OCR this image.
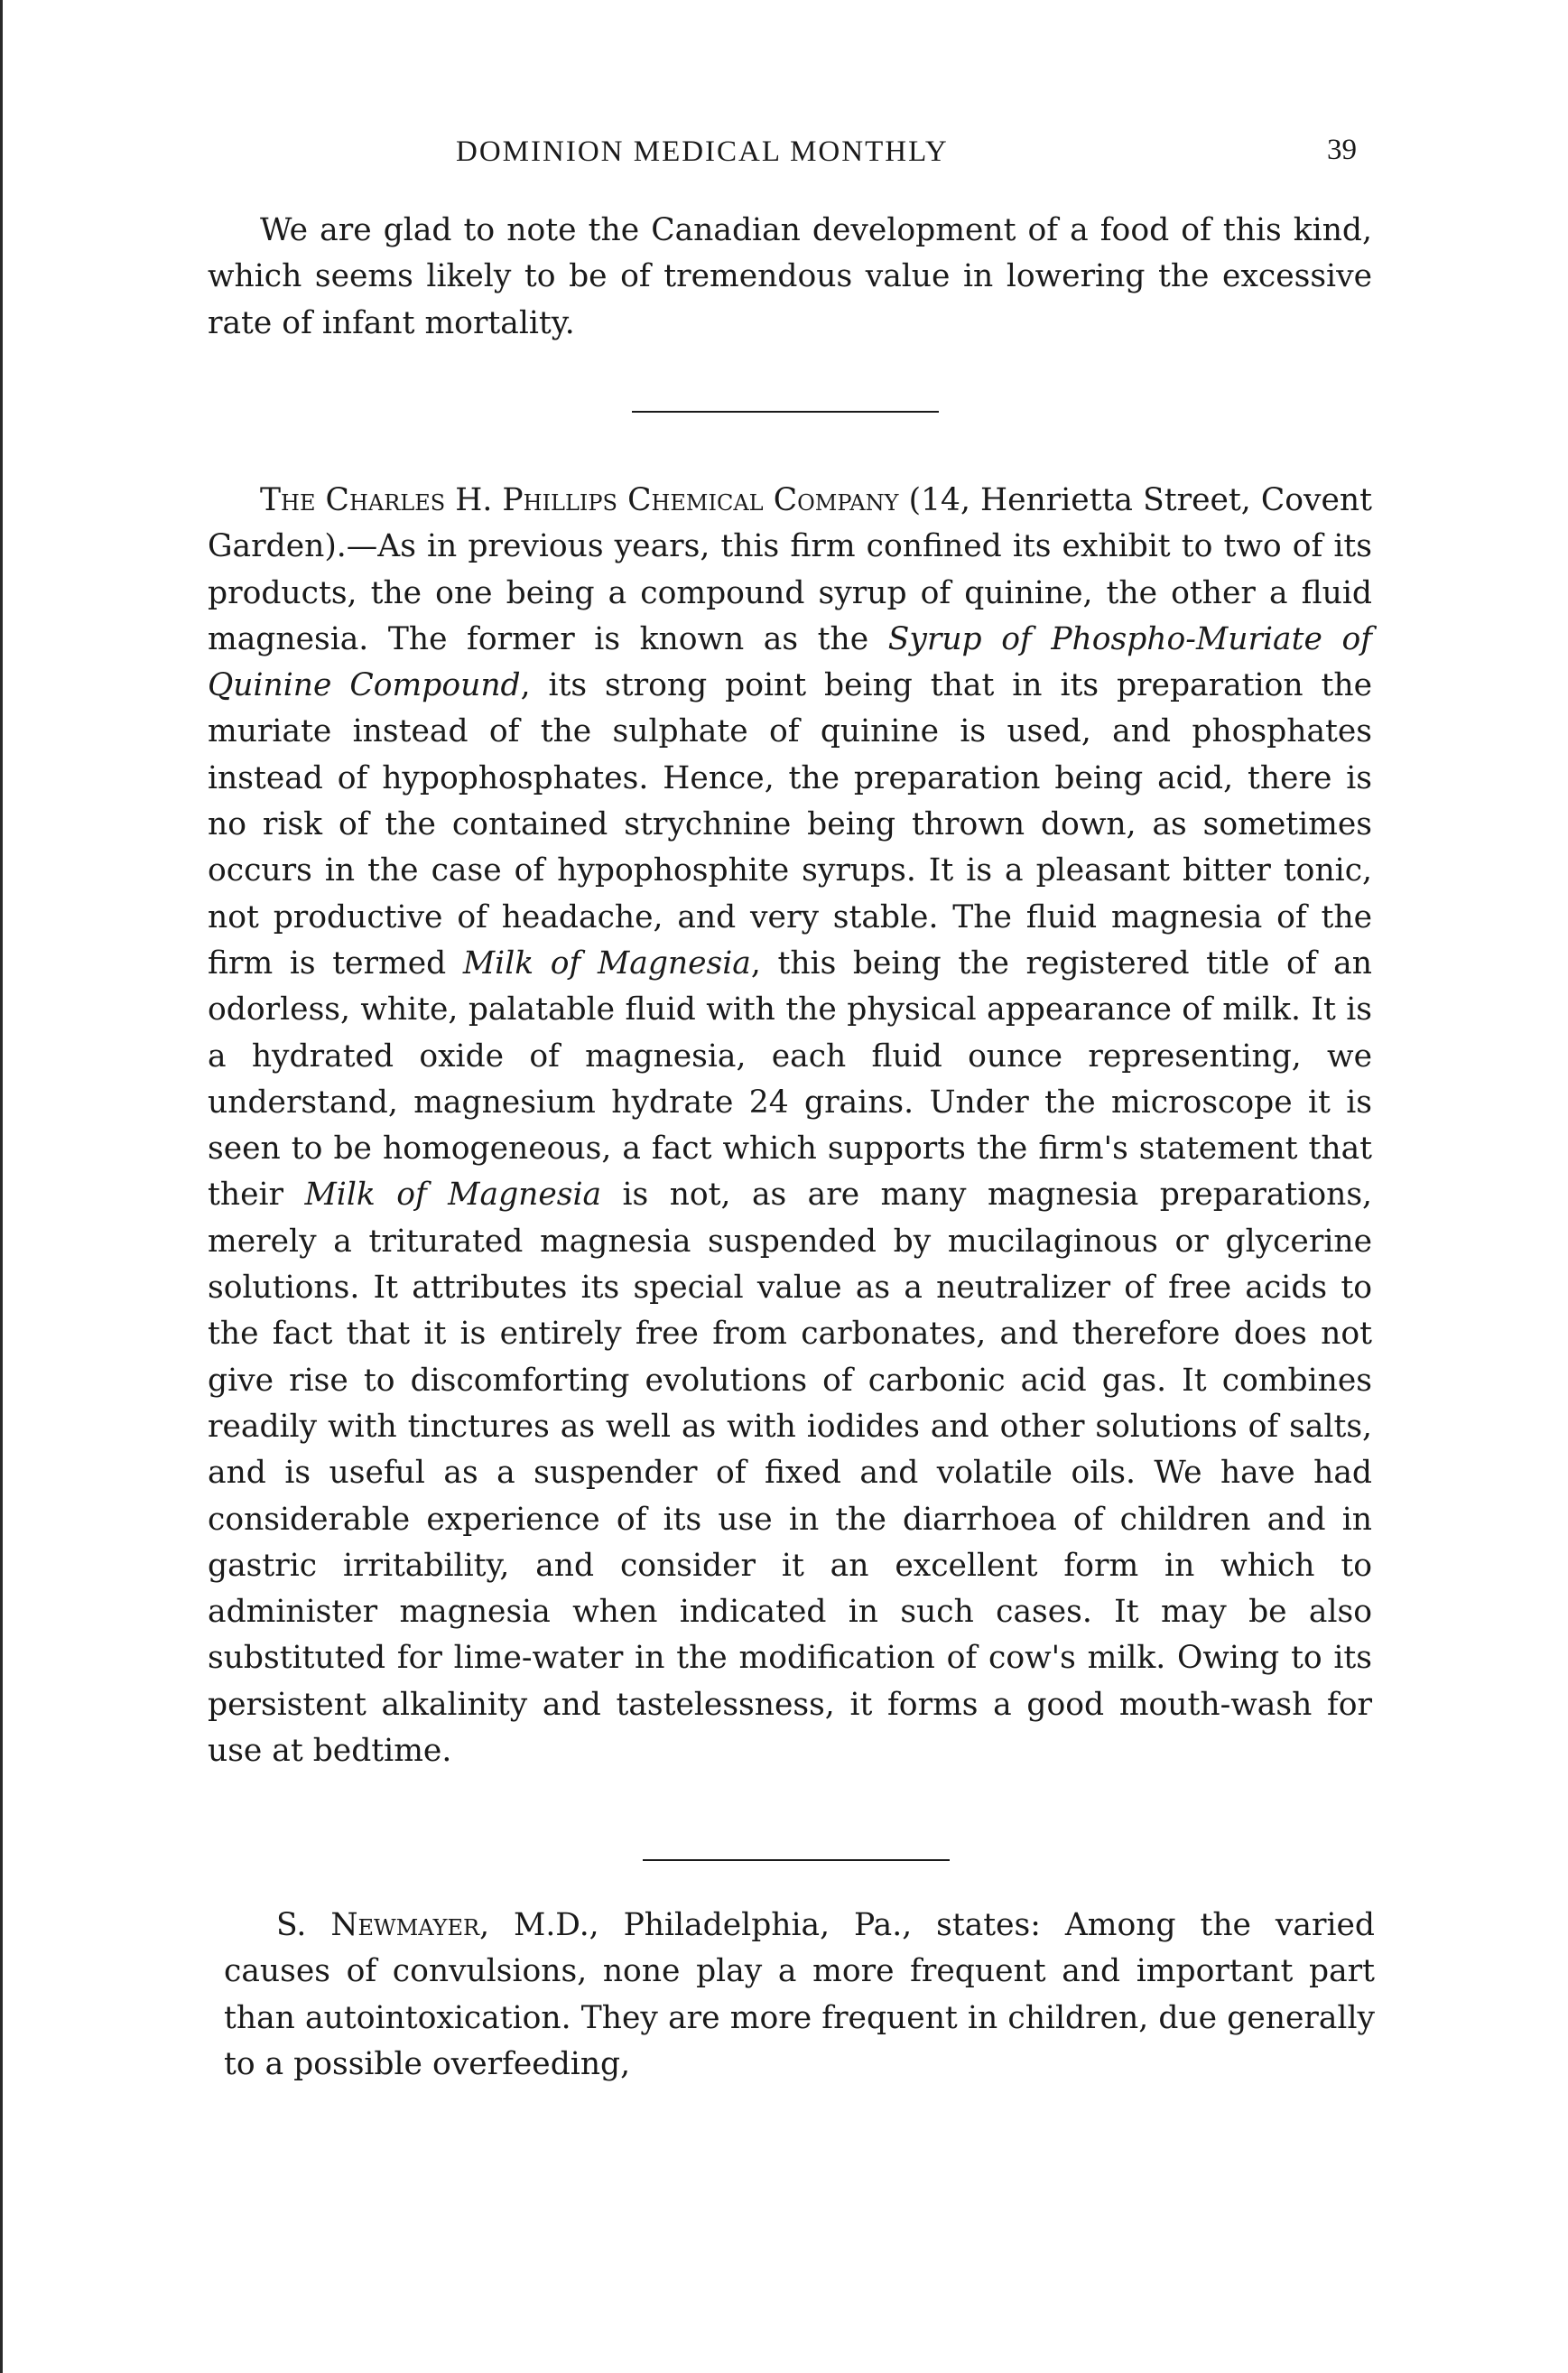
DOMINION MEDICAL MONTHLY	39

We are glad to note the Canadian development of a food of this kind, which seems likely to be of tremendous value in lowering the excessive rate of infant mortality.

The Charles H. Phillips Chemical Company (14, Henrietta Street, Covent Garden).—As in previous years, this firm confined its exhibit to two of its products, the one being a compound syrup of quinine, the other a fluid magnesia. The former is known as the Syrup of Phospho-Muriate of Quinine Compound, its strong point being that in its preparation the muriate instead of the sulphate of quinine is used, and phosphates instead of hypophosphates. Hence, the preparation being acid, there is no risk of the contained strychnine being thrown down, as sometimes occurs in the case of hypophosphite syrups. It is a pleasant bitter tonic, not productive of headache, and very stable. The fluid magnesia of the firm is termed Milk of Magnesia, this being the registered title of an odorless, white, palatable fluid with the physical appearance of milk. It is a hydrated oxide of magnesia, each fluid ounce representing, we understand, magnesium hydrate 24 grains. Under the microscope it is seen to be homogeneous, a fact which supports the firm's statement that their Milk of Magnesia is not, as are many magnesia preparations, merely a triturated magnesia suspended by mucilaginous or glycerine solutions. It attributes its special value as a neutralizer of free acids to the fact that it is entirely free from carbonates, and therefore does not give rise to discomforting evolutions of carbonic acid gas. It combines readily with tinctures as well as with iodides and other solutions of salts, and is useful as a suspender of fixed and volatile oils. We have had considerable experience of its use in the diarrhoea of children and in gastric irritability, and consider it an excellent form in which to administer magnesia when indicated in such cases. It may be also substituted for lime-water in the modification of cow's milk. Owing to its persistent alkalinity and tastelessness, it forms a good mouth-wash for use at bedtime.

S. Newmayer, M.D., Philadelphia, Pa., states: Among the varied causes of convulsions, none play a more frequent and important part than autointoxication. They are more frequent in children, due generally to a possible overfeeding,
